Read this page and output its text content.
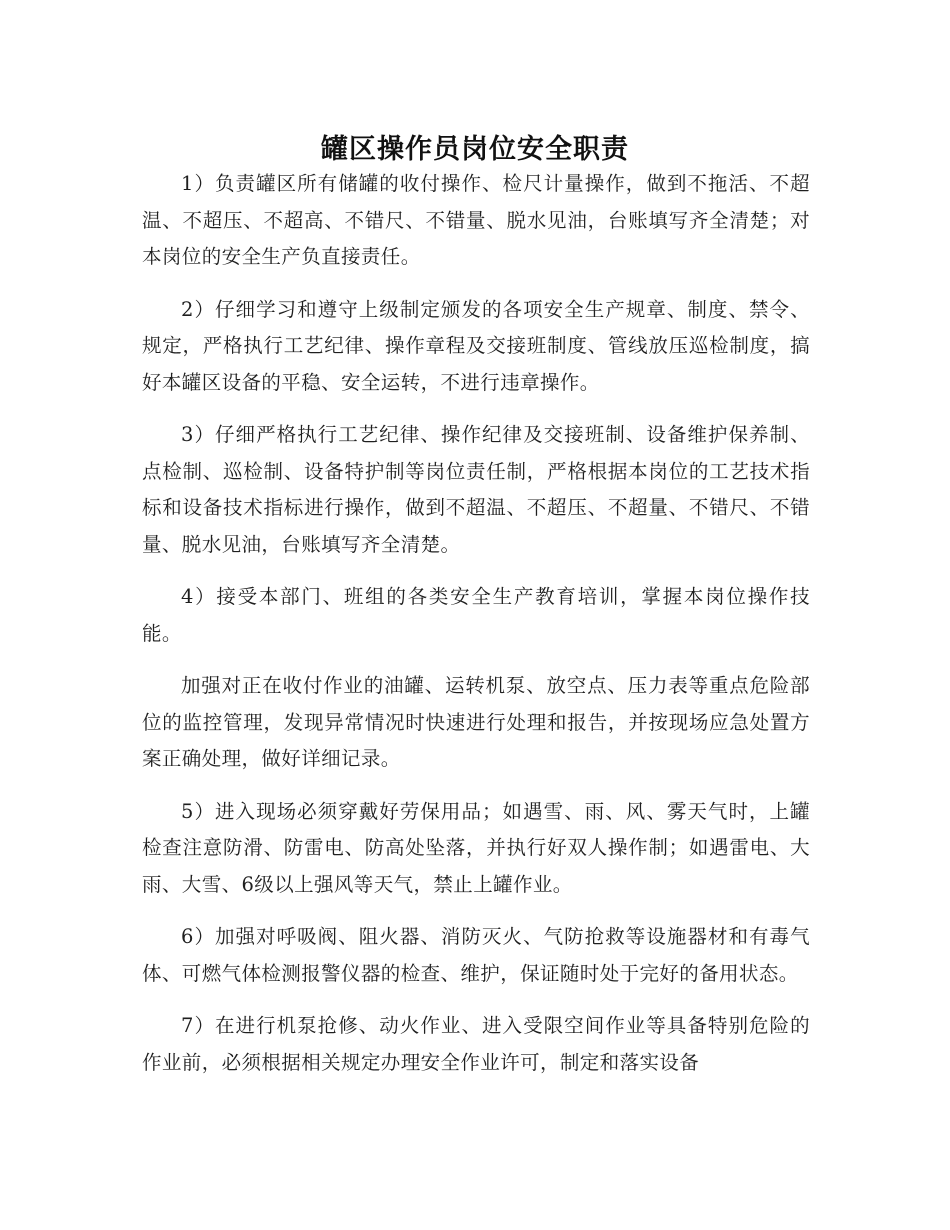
罐区操作员岗位安全职责

1）负责罐区所有储罐的收付操作、检尺计量操作，做到不拖活、不超温、不超压、不超高、不错尺、不错量、脱水见油，台账填写齐全清楚；对本岗位的安全生产负直接责任。

2）仔细学习和遵守上级制定颁发的各项安全生产规章、制度、禁令、规定，严格执行工艺纪律、操作章程及交接班制度、管线放压巡检制度，搞好本罐区设备的平稳、安全运转，不进行违章操作。

3）仔细严格执行工艺纪律、操作纪律及交接班制、设备维护保养制、点检制、巡检制、设备特护制等岗位责任制，严格根据本岗位的工艺技术指标和设备技术指标进行操作，做到不超温、不超压、不超量、不错尺、不错量、脱水见油，台账填写齐全清楚。

4）接受本部门、班组的各类安全生产教育培训，掌握本岗位操作技能。

加强对正在收付作业的油罐、运转机泵、放空点、压力表等重点危险部位的监控管理，发现异常情况时快速进行处理和报告，并按现场应急处置方案正确处理，做好详细记录。

5）进入现场必须穿戴好劳保用品；如遇雪、雨、风、雾天气时，上罐检查注意防滑、防雷电、防高处坠落，并执行好双人操作制；如遇雷电、大雨、大雪、6级以上强风等天气，禁止上罐作业。

6）加强对呼吸阀、阻火器、消防灭火、气防抢救等设施器材和有毒气体、可燃气体检测报警仪器的检查、维护，保证随时处于完好的备用状态。

7）在进行机泵抢修、动火作业、进入受限空间作业等具备特别危险的作业前，必须根据相关规定办理安全作业许可，制定和落实设备
